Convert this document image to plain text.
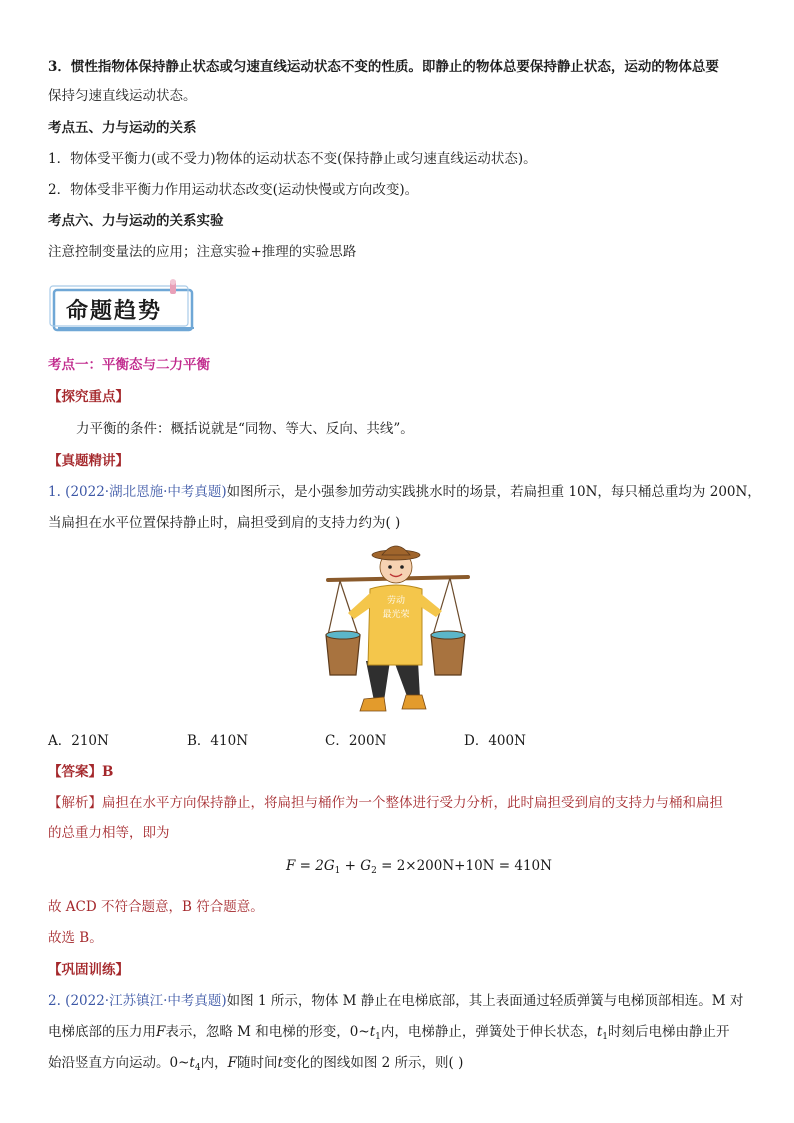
3．惯性指物体保持静止状态或匀速直线运动状态不变的性质。即静止的物体总要保持静止状态，运动的物体总要
保持匀速直线运动状态。
考点五、力与运动的关系
1．物体受平衡力(或不受力)物体的运动状态不变(保持静止或匀速直线运动状态)。
2．物体受非平衡力作用运动状态改变(运动快慢或方向改变)。
考点六、力与运动的关系实验
注意控制变量法的应用；注意实验+推理的实验思路
命题趋势
考点一：平衡态与二力平衡
【探究重点】
力平衡的条件：概括说就是“同物、等大、反向、共线”。
【真题精讲】
1. (2022·湖北恩施·中考真题)如图所示，是小强参加劳动实践挑水时的场景，若扁担重 10N，每只桶总重均为 200N，
当扁担在水平位置保持静止时，扁担受到肩的支持力约为( )
劳动
最光荣
A．210N	B．410N	C．200N	D．400N
【答案】B
【解析】扁担在水平方向保持静止，将扁担与桶作为一个整体进行受力分析，此时扁担受到肩的支持力与桶和扁担
的总重力相等，即为
$F = 2G_1 + G_2 = 2\times 200N+10N = 410N$
故 ACD 不符合题意，B 符合题意。
故选 B。
【巩固训练】
2. (2022·江苏镇江·中考真题)如图 1 所示，物体 M 静止在电梯底部，其上表面通过轻质弹簧与电梯顶部相连。M 对
电梯底部的压力用F表示，忽略 M 和电梯的形变，$0\sim t_1$内，电梯静止，弹簧处于伸长状态，$t_1$时刻后电梯由静止开
始沿竖直方向运动。$0\sim t_4$内，F随时间t变化的图线如图 2 所示，则( )
